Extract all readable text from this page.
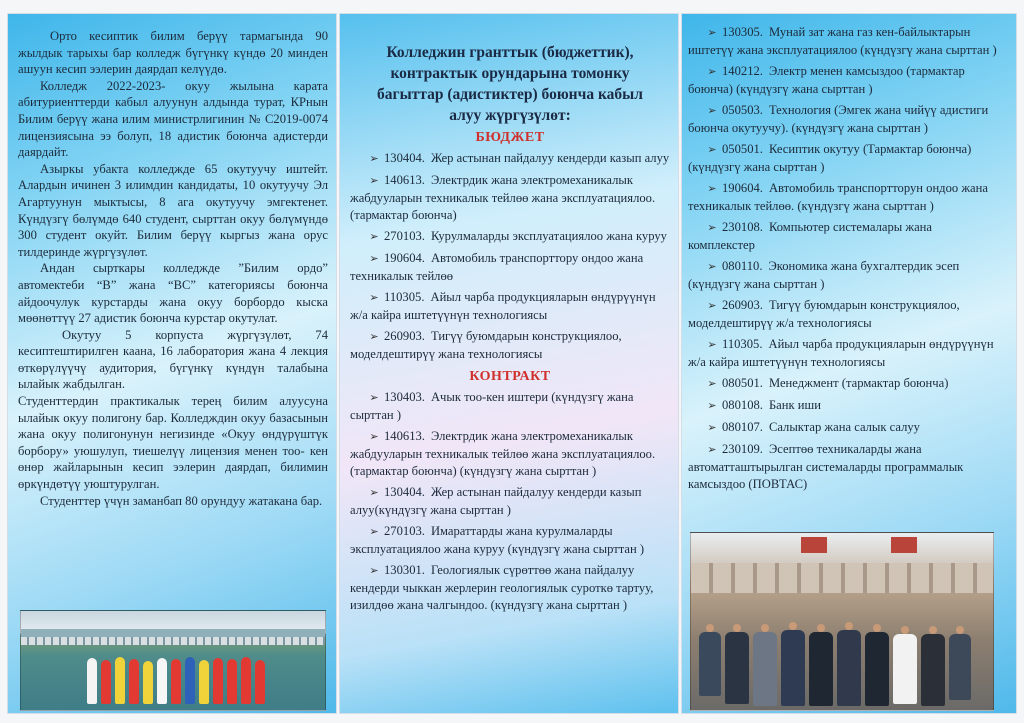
Орто кесиптик билим берүү тармагында 90 жылдык тарыхы бар колледж бүгүнкү күндө 20 минден ашуун кесип ээлерин даярдап келүүдө.

Колледж 2022-2023- окуу жылына карата абитуриенттерди кабыл алуунун алдында турат, КРнын Билим берүү жана илим министрлигинин № С2019-0074 лицензиясына ээ болуп, 18 адистик боюнча адистерди даярдайт.

Азыркы убакта колледжде 65 окутуучу иштейт. Алардын ичинен 3 илимдин кандидаты, 10 окутуучу Эл Агартуунун мыктысы, 8 ага окутуучу эмгектенет. Күндүзгү бөлүмдө 640 студент, сырттан окуу бөлүмүндө 300 студент окуйт. Билим берүү кыргыз жана орус тилдеринде жүргүзүлөт.

Андан сырткары колледжде ”Билим ордо” автомектеби “В” жана “ВС” категориясы боюнча айдоочулук курстарды жана окуу борбордо кыска мөөнөттүү 27 адистик боюнча курстар окутулат.

Окутуу 5 корпуста жүргүзүлөт, 74 кесиптештирилген каана, 16 лаборатория жана 4 лекция өткөрүлүүчү аудитория, бүгүнкү күндүн талабына ылайык жабдылган.

Студенттердин практикалык терең билим алуусуна ылайык окуу полигону бар. Колледждин окуу базасынын жана окуу полигонунун негизинде «Окуу өндүрүштүк борбору» уюшулуп, тиешелүү лицензия менен тоо- кен өнөр жайларынын кесип ээлерин даярдап, билимин өркүндөтүү уюштурулган.

Студенттер үчүн заманбап 80 орундуу жатакана бар.

Колледжин гранттык (бюджеттик), контрактык орундарына томонку багыттар (адистиктер) боюнча кабыл алуу жүргүзүлөт:
БЮДЖЕТ
➢ 130404. Жер астынан пайдалуу кендерди казып алуу
➢ 140613. Электрдик жана электромеханикалык жабдууларын техникалык тейлөө жана эксплуатациялоо. (тармактар боюнча)
➢ 270103. Курулмаларды эксплуатациялоо жана куруу
➢ 190604. Автомобиль транспорттору ондоо жана техникалык тейлөө
➢ 110305. Айыл чарба продукцияларын өндүрүүнүн ж/а кайра иштетүүнүн технологиясы
➢ 260903. Тигүү буюмдарын конструкциялоо, моделдештирүү жана технологиясы
КОНТРАКТ
➢ 130403. Ачык тоо-кен иштери (күндүзгү жана сырттан )
➢ 140613. Электрдик жана электромеханикалык жабдууларын техникалык тейлөө жана эксплуатациялоо. (тармактар боюнча) (күндүзгү жана сырттан )
➢ 130404. Жер астынан пайдалуу кендерди казып алуу(күндүзгү жана сырттан )
➢ 270103. Имараттарды жана курулмаларды эксплуатациялоо жана куруу (күндүзгү жана сырттан )
➢ 130301. Геологиялык сүрөттөө жана пайдалуу кендерди чыккан жерлерин геологиялык суроткө тартуу, изилдөө жана чалгындоо. (күндүзгү жана сырттан )
➢ 130305. Мунай зат жана газ кен-байлыктарын иштетүү жана эксплуатациялоо (күндүзгү жана сырттан )
➢ 140212. Электр менен камсыздоо (тармактар боюнча) (күндүзгү жана сырттан )
➢ 050503. Технология (Эмгек жана чийүү адистиги боюнча окутуучу). (күндүзгү жана сырттан )
➢ 050501. Кесиптик окутуу (Тармактар боюнча) (күндүзгү жана сырттан )
➢ 190604. Автомобиль транспортторун ондоо жана техникалык тейлөө. (күндүзгү жана сырттан )
➢ 230108. Компьютер системалары жана комплекстер
➢ 080110. Экономика жана бухгалтердик эсеп (күндүзгү жана сырттан )
➢ 260903. Тигүү буюмдарын конструкциялоо, моделдештирүү ж/а технологиясы
➢ 110305. Айыл чарба продукцияларын өндүрүүнүн ж/а кайра иштетүүнүн технологиясы
➢ 080501. Менеджмент (тармактар боюнча)
➢ 080108. Банк иши
➢ 080107. Салыктар жана салык салуу
➢ 230109. Эсептөө техникаларды жана автоматташтырылган системаларды программалык камсыздоо (ПОВТАС)
